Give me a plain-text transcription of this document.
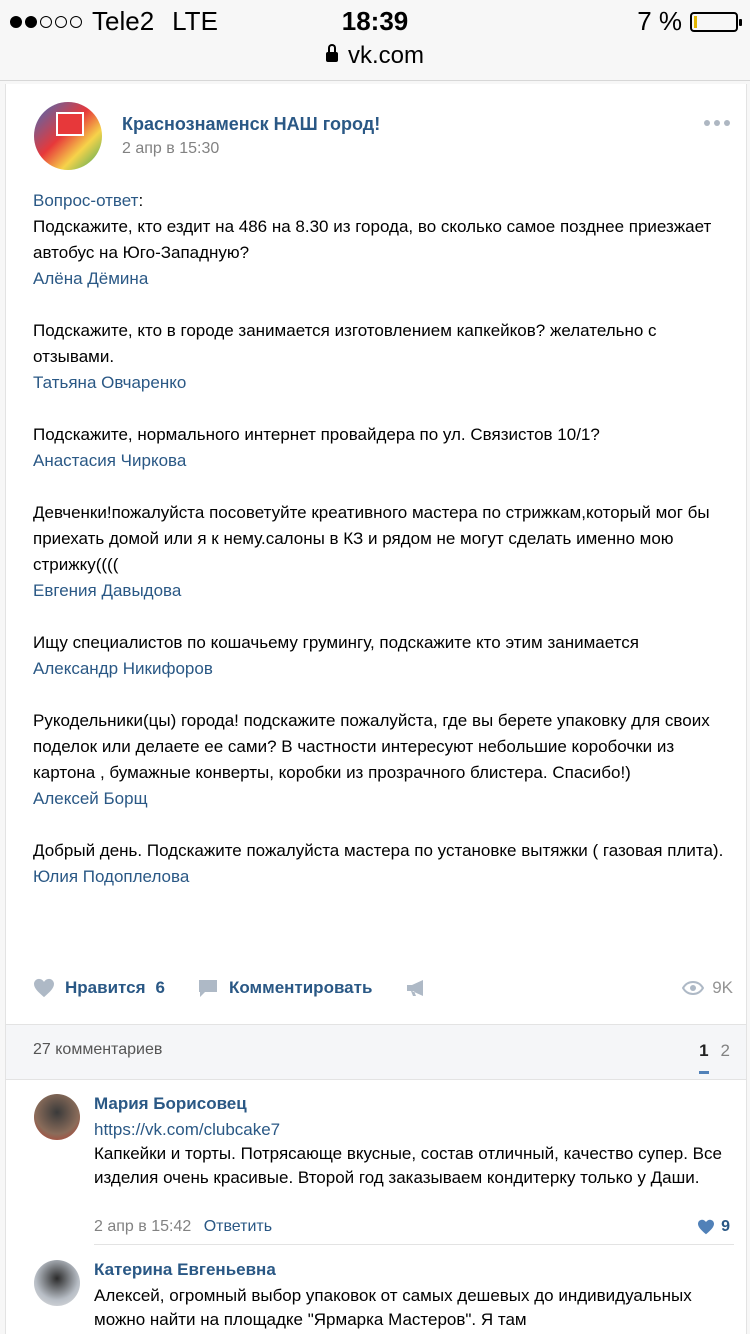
Tele2 LTE	18:39	7 %
vk.com
Краснознаменск НАШ город!
2 апр в 15:30
Вопрос-ответ:
Подскажите, кто ездит на 486 на 8.30 из города, во сколько самое позднее приезжает автобус на Юго-Западную?
Алёна Дёмина
Подскажите, кто в городе занимается изготовлением капкейков? желательно с отзывами.
Татьяна Овчаренко
Подскажите, нормального интернет провайдера по ул. Связистов 10/1?
Анастасия Чиркова
Девченки!пожалуйста посоветуйте креативного мастера по стрижкам,который мог бы приехать домой или я к нему.салоны в КЗ и рядом не могут сделать именно мою стрижку((((
Евгения Давыдова
Ищу специалистов по кошачьему грумингу, подскажите кто этим занимается
Александр Никифоров
Рукодельники(цы) города! подскажите пожалуйста, где вы берете упаковку для своих поделок или делаете ее сами? В частности интересуют небольшие коробочки из картона , бумажные конверты, коробки из прозрачного блистера. Спасибо!)
Алексей Борщ
Добрый день. Подскажите пожалуйста мастера по установке вытяжки ( газовая плита).
Юлия Подоплелова
Нравится 6	Комментировать	9K
27 комментариев	1 2
Мария Борисовец
https://vk.com/clubcake7
Капкейки и торты. Потрясающе вкусные, состав отличный, качество супер. Все изделия очень красивые. Второй год заказываем кондитерку только у Даши.
2 апр в 15:42 Ответить	9
Катерина Евгеньевна
Алексей, огромный выбор упаковок от самых дешевых до индивидуальных можно найти на площадке "Ярмарка Мастеров". Я там
